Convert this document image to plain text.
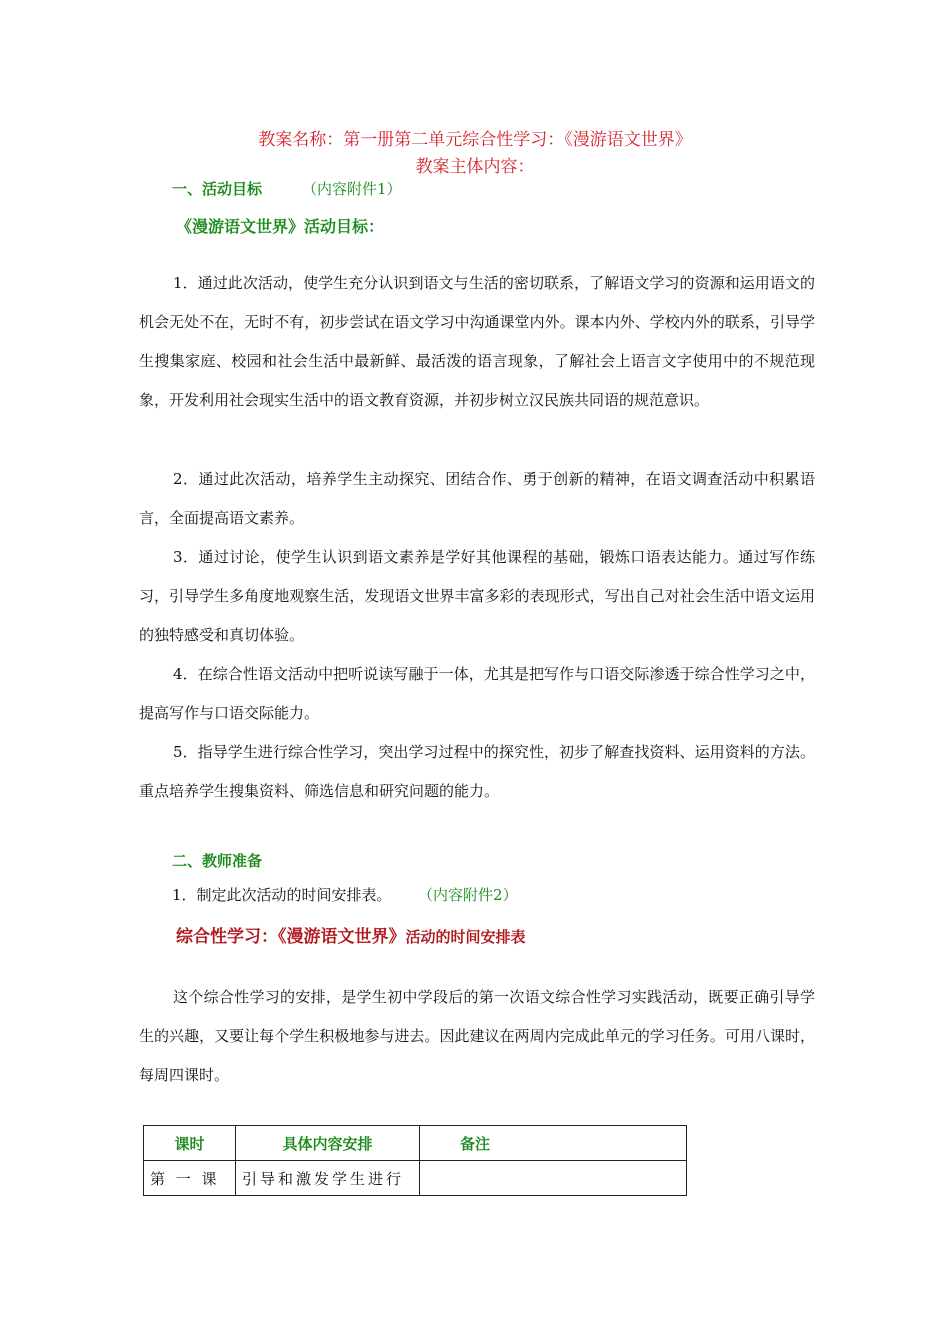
教案名称：第一册第二单元综合性学习：《漫游语文世界》
教案主体内容：
一、活动目标	（内容附件1）
《漫游语文世界》活动目标：

1．通过此次活动，使学生充分认识到语文与生活的密切联系，了解语文学习的资源和运用语文的机会无处不在，无时不有，初步尝试在语文学习中沟通课堂内外。课本内外、学校内外的联系，引导学生搜集家庭、校园和社会生活中最新鲜、最活泼的语言现象，了解社会上语言文字使用中的不规范现象，开发利用社会现实生活中的语文教育资源，并初步树立汉民族共同语的规范意识。

2．通过此次活动，培养学生主动探究、团结合作、勇于创新的精神，在语文调查活动中积累语言，全面提高语文素养。

3．通过讨论，使学生认识到语文素养是学好其他课程的基础，锻炼口语表达能力。通过写作练习，引导学生多角度地观察生活，发现语文世界丰富多彩的表现形式，写出自己对社会生活中语文运用的独特感受和真切体验。

4．在综合性语文活动中把听说读写融于一体，尤其是把写作与口语交际渗透于综合性学习之中，提高写作与口语交际能力。

5．指导学生进行综合性学习，突出学习过程中的探究性，初步了解查找资料、运用资料的方法。重点培养学生搜集资料、筛选信息和研究问题的能力。

二、教师准备
1．制定此次活动的时间安排表。 （内容附件2）
综合性学习：《漫游语文世界》活动的时间安排表

这个综合性学习的安排，是学生初中学段后的第一次语文综合性学习实践活动，既要正确引导学生的兴趣，又要让每个学生积极地参与进去。因此建议在两周内完成此单元的学习任务。可用八课时，每周四课时。

课时	具体内容安排	备注
第 一 课	引导和激发学生进行	
